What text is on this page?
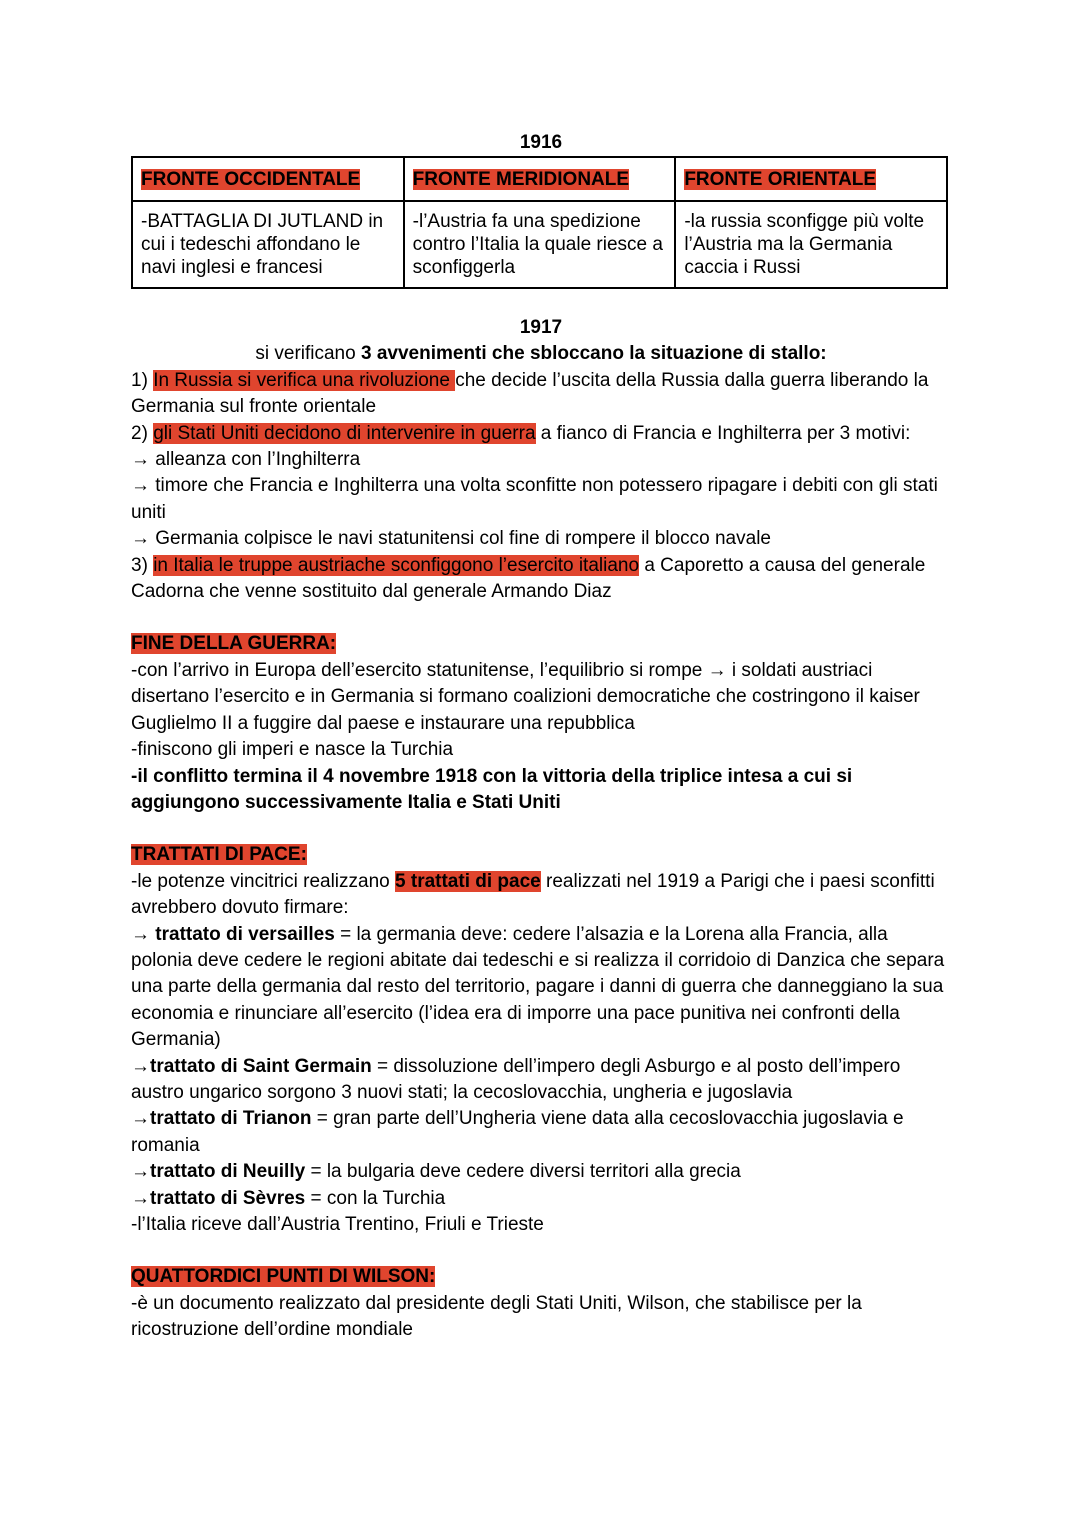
1916

FRONTE OCCIDENTALE	FRONTE MERIDIONALE	FRONTE ORIENTALE
-BATTAGLIA DI JUTLAND in cui i tedeschi affondano le navi inglesi e francesi	-l’Austria fa una spedizione contro l’Italia la quale riesce a sconfiggerla	-la russia sconfigge più volte l’Austria ma la Germania caccia i Russi

1917

si verificano 3 avvenimenti che sbloccano la situazione di stallo:

1) In Russia si verifica una rivoluzione che decide l’uscita della Russia dalla guerra liberando la Germania sul fronte orientale

2) gli Stati Uniti decidono di intervenire in guerra a fianco di Francia e Inghilterra per 3 motivi:

→ alleanza con l’Inghilterra

→ timore che Francia e Inghilterra una volta sconfitte non potessero ripagare i debiti con gli stati uniti

→ Germania colpisce le navi statunitensi col fine di rompere il blocco navale

3) in Italia le truppe austriache sconfiggono l’esercito italiano a Caporetto a causa del generale Cadorna che venne sostituito dal generale Armando Diaz

FINE DELLA GUERRA:

-con l’arrivo in Europa dell’esercito statunitense, l’equilibrio si rompe → i soldati austriaci disertano l’esercito e in Germania si formano coalizioni democratiche che costringono il kaiser Guglielmo II a fuggire dal paese e instaurare una repubblica

-finiscono gli imperi e nasce la Turchia

-il conflitto termina il 4 novembre 1918 con la vittoria della triplice intesa a cui si aggiungono successivamente Italia e Stati Uniti

TRATTATI DI PACE:

-le potenze vincitrici realizzano 5 trattati di pace realizzati nel 1919 a Parigi che i paesi sconfitti avrebbero dovuto firmare:

→ trattato di versailles = la germania deve: cedere l’alsazia e la Lorena alla Francia, alla polonia deve cedere le regioni abitate dai tedeschi e si realizza il corridoio di Danzica che separa una parte della germania dal resto del territorio, pagare i danni di guerra che danneggiano la sua economia e rinunciare all’esercito (l’idea era di imporre una pace punitiva nei confronti della Germania)

→trattato di Saint Germain = dissoluzione dell’impero degli Asburgo e al posto dell’impero austro ungarico sorgono 3 nuovi stati; la cecoslovacchia, ungheria e jugoslavia

→trattato di Trianon = gran parte dell’Ungheria viene data alla cecoslovacchia jugoslavia e romania

→trattato di Neuilly = la bulgaria deve cedere diversi territori alla grecia

→trattato di Sèvres = con la Turchia

-l’Italia riceve dall’Austria Trentino, Friuli e Trieste

QUATTORDICI PUNTI DI WILSON:

-è un documento realizzato dal presidente degli Stati Uniti, Wilson, che stabilisce per la ricostruzione dell’ordine mondiale
